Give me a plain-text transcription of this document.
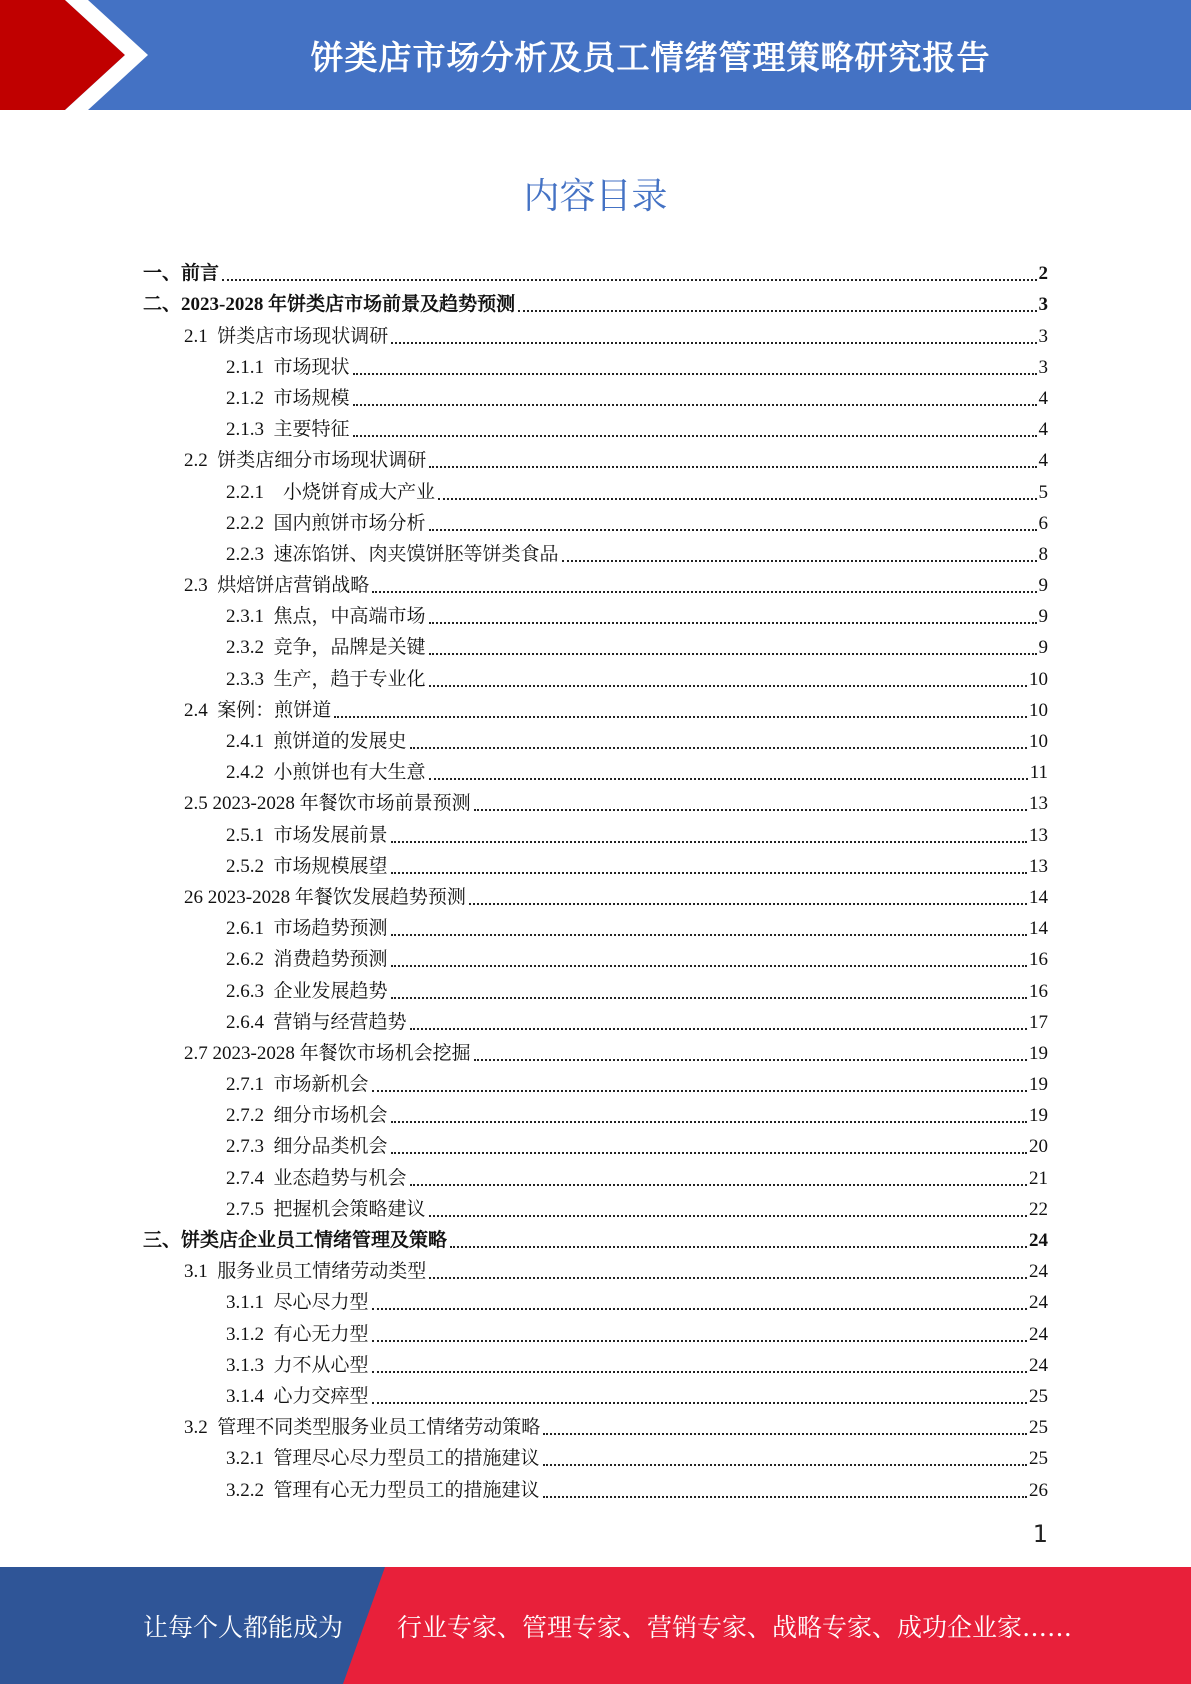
饼类店市场分析及员工情绪管理策略研究报告
内容目录
一、前言	2
二、2023-2028 年饼类店市场前景及趋势预测	3
2.1  饼类店市场现状调研	3
2.1.1  市场现状	3
2.1.2  市场规模	4
2.1.3  主要特征	4
2.2  饼类店细分市场现状调研	4
2.2.1    小烧饼育成大产业	5
2.2.2  国内煎饼市场分析	6
2.2.3  速冻馅饼、肉夹馍饼胚等饼类食品	8
2.3  烘焙饼店营销战略	9
2.3.1  焦点，中高端市场	9
2.3.2  竞争，品牌是关键	9
2.3.3  生产，趋于专业化	10
2.4  案例：煎饼道	10
2.4.1  煎饼道的发展史	10
2.4.2  小煎饼也有大生意	11
2.5 2023-2028 年餐饮市场前景预测	13
2.5.1  市场发展前景	13
2.5.2  市场规模展望	13
26 2023-2028 年餐饮发展趋势预测	14
2.6.1  市场趋势预测	14
2.6.2  消费趋势预测	16
2.6.3  企业发展趋势	16
2.6.4  营销与经营趋势	17
2.7 2023-2028 年餐饮市场机会挖掘	19
2.7.1  市场新机会	19
2.7.2  细分市场机会	19
2.7.3  细分品类机会	20
2.7.4  业态趋势与机会	21
2.7.5  把握机会策略建议	22
三、饼类店企业员工情绪管理及策略	24
3.1  服务业员工情绪劳动类型	24
3.1.1  尽心尽力型	24
3.1.2  有心无力型	24
3.1.3  力不从心型	24
3.1.4  心力交瘁型	25
3.2  管理不同类型服务业员工情绪劳动策略	25
3.2.1  管理尽心尽力型员工的措施建议	25
3.2.2  管理有心无力型员工的措施建议	26
1
让每个人都能成为 行业专家、管理专家、营销专家、战略专家、成功企业家……
